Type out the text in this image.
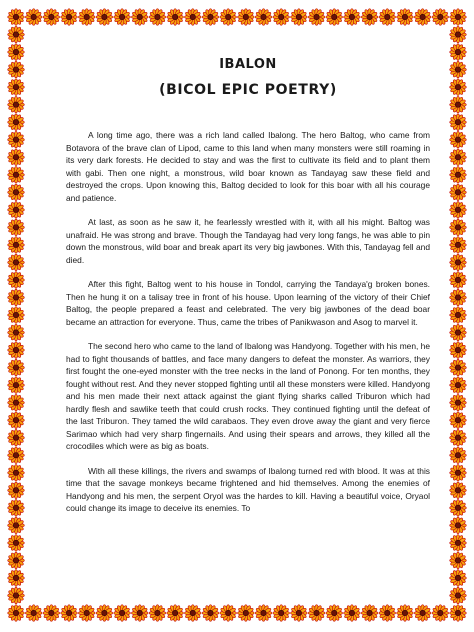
IBALON
(BICOL EPIC POETRY)

A long time ago, there was a rich land called Ibalong. The hero Baltog, who came from Botavora of the brave clan of Lipod, came to this land when many monsters were still roaming in its very dark forests. He decided to stay and was the first to cultivate its field and to plant them with gabi. Then one night, a monstrous, wild boar known as Tandayag saw these field and destroyed the crops. Upon knowing this, Baltog decided to look for this boar with all his courage and patience.

At last, as soon as he saw it, he fearlessly wrestled with it, with all his might. Baltog was unafraid. He was strong and brave. Though the Tandayag had very long fangs, he was able to pin down the monstrous, wild boar and break apart its very big jawbones. With this, Tandayag fell and died.

After this fight, Baltog went to his house in Tondol, carrying the Tandaya'g broken bones. Then he hung it on a talisay tree in front of his house. Upon learning of the victory of their Chief Baltog, the people prepared a feast and celebrated. The very big jawbones of the dead boar became an attraction for everyone. Thus, came the tribes of Panikwason and Asog to marvel it.

The second hero who came to the land of Ibalong was Handyong. Together with his men, he had to fight thousands of battles, and face many dangers to defeat the monster. As warriors, they first fought the one-eyed monster with the tree necks in the land of Ponong. For ten months, they fought without rest. And they never stopped fighting until all these monsters were killed. Handyong and his men made their next attack against the giant flying sharks called Triburon which had hardly flesh and sawlike teeth that could crush rocks. They continued fighting until the defeat of the last Triburon. They tamed the wild carabaos. They even drove away the giant and very fierce Sarimao which had very sharp fingernails. And using their spears and arrows, they killed all the crocodiles which were as big as boats.

With all these killings, the rivers and swamps of Ibalong turned red with blood. It was at this time that the savage monkeys became frightened and hid themselves. Among the enemies of Handyong and his men, the serpent Oryol was the hardes to kill. Having a beautiful voice, Oryaol could change its image to deceive its enemies. To
